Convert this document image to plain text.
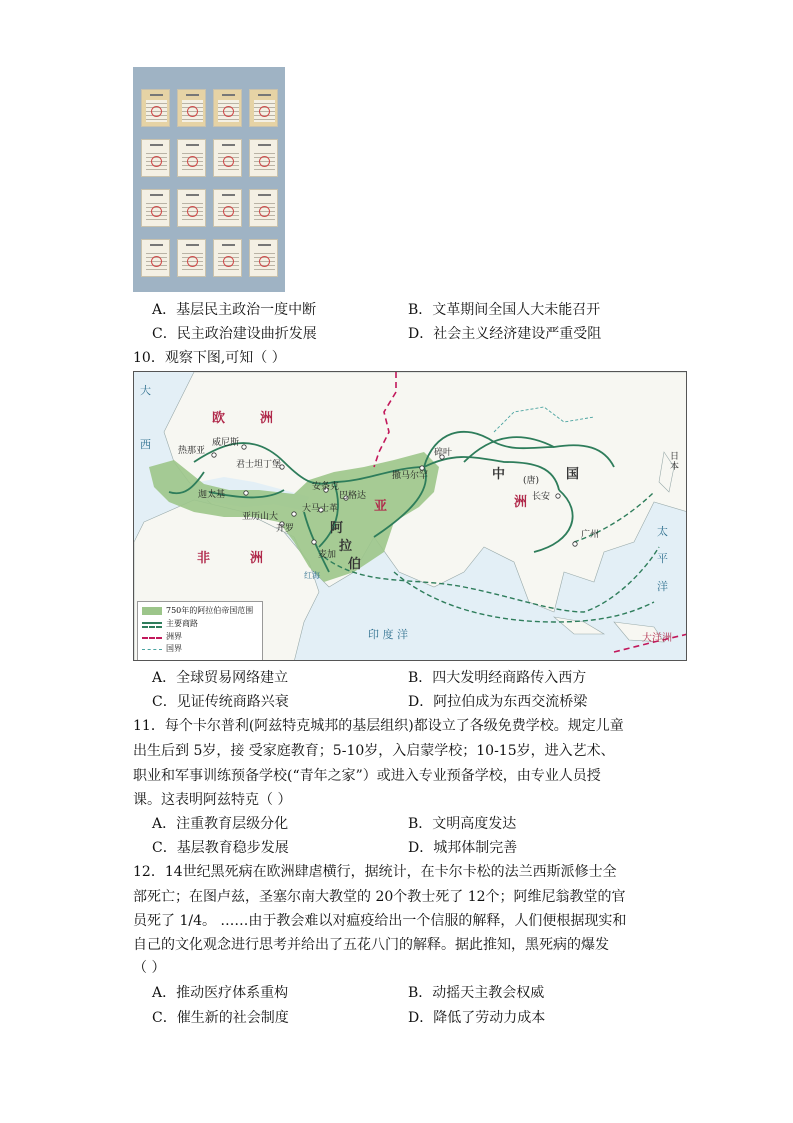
A．基层民主政治一度中断	B．文革期间全国人大未能召开
C．民主政治建设曲折发展	D．社会主义经济建设严重受阻
10．观察下图,可知（ ）
欧	洲
亚
非	洲
中	国
洲
(唐)
威尼斯
热那亚
君士坦丁堡
迦太基
亚历山大
开罗
安条克
巴格达
大马士革
麦加
撒马尔罕
碎叶
长安
广州
阿
拉
伯
红海
日本
大
西
太
平
洋
印 度 洋	大洋洲
750年的阿拉伯帝国范围
主要商路
洲界
国界
A．全球贸易网络建立	B．四大发明经商路传入西方
C．见证传统商路兴衰	D．阿拉伯成为东西交流桥梁
11．每个卡尔普利(阿兹特克城邦的基层组织)都设立了各级免费学校。规定儿童
出生后到 5岁，接 受家庭教育；5-10岁，入启蒙学校；10-15岁，进入艺术、
职业和军事训练预备学校(“青年之家”）或进入专业预备学校，由专业人员授
课。这表明阿兹特克（ ）
A．注重教育层级分化	B．文明高度发达
C．基层教育稳步发展	D．城邦体制完善
12．14世纪黑死病在欧洲肆虐横行，据统计，在卡尔卡松的法兰西斯派修士全
部死亡；在图卢兹，圣塞尔南大教堂的 20个教士死了 12个；阿维尼翁教堂的官
员死了 1/4。 ……由于教会难以对瘟疫给出一个信服的解释，人们便根据现实和
自己的文化观念进行思考并给出了五花八门的解释。据此推知，黑死病的爆发
（ ）
A．推动医疗体系重构	B．动摇天主教会权威
C．催生新的社会制度	D．降低了劳动力成本
